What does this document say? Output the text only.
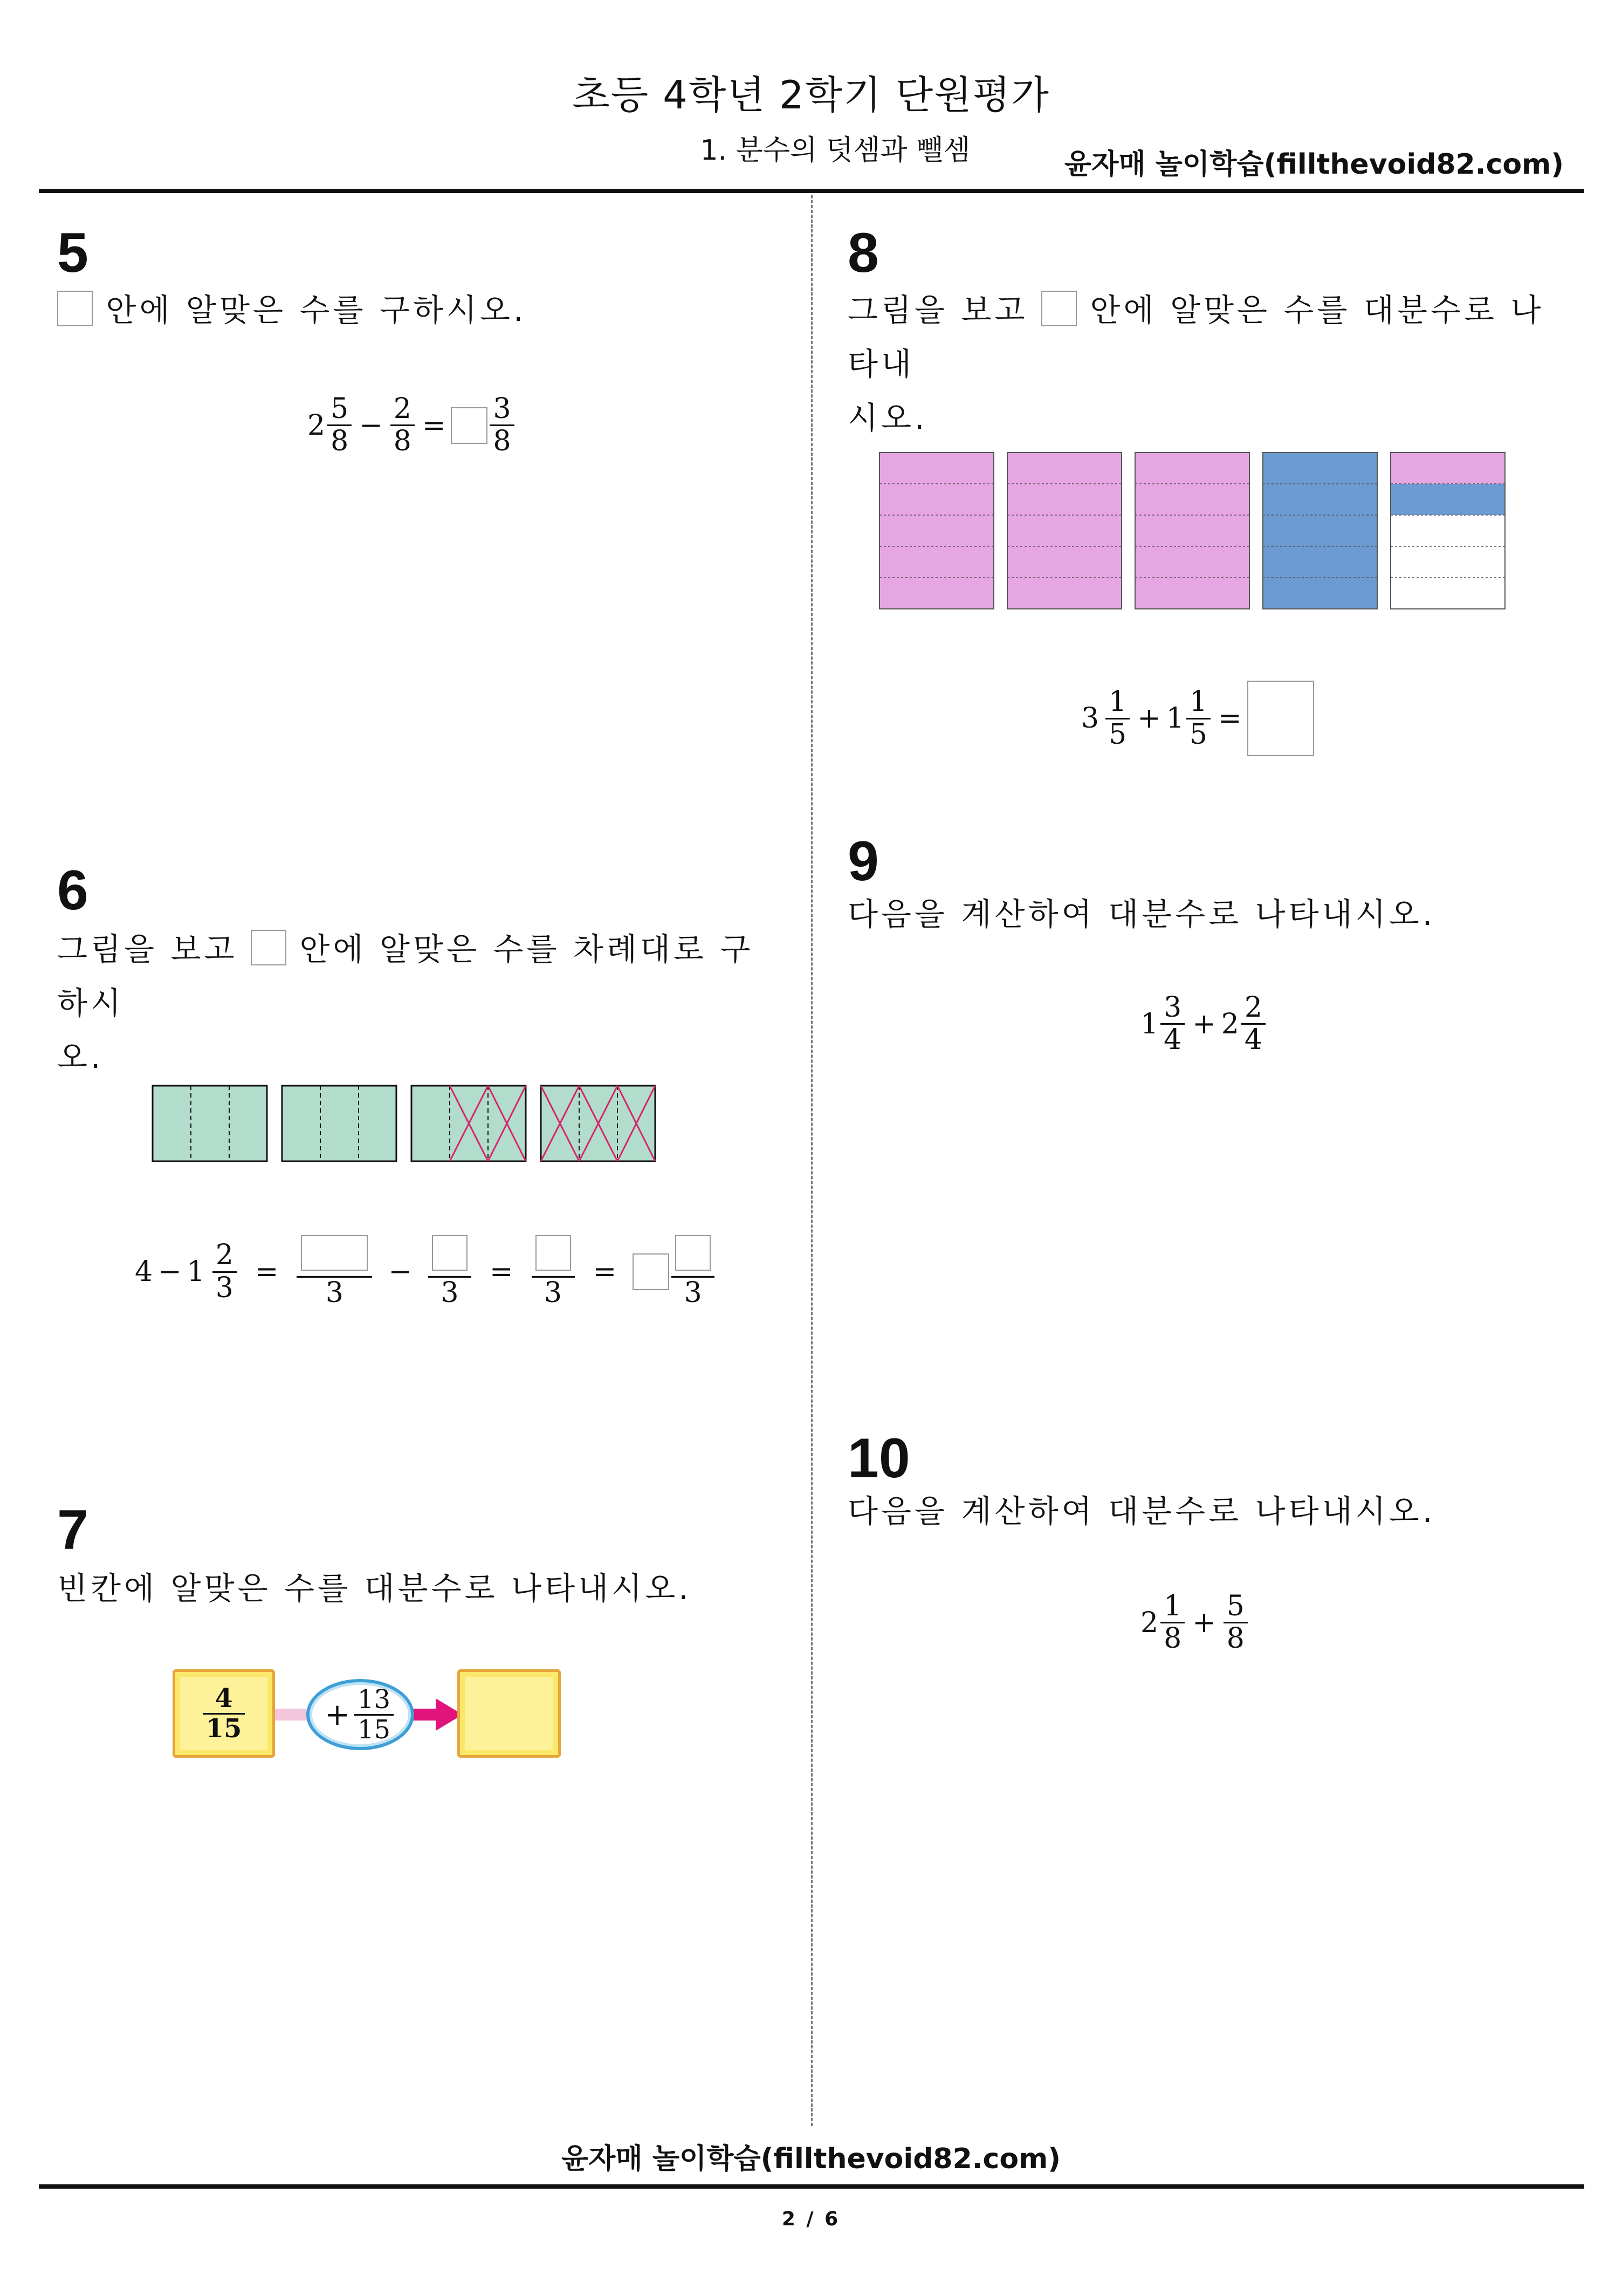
초등 4학년 2학기 단원평가
1. 분수의 덧셈과 뺄셈	윤자매 놀이학습(fillthevoid82.com)
5
안에 알맞은 수를 구하시오.
$2 \frac{5}{8} - \frac{2}{8} = \frac{3}{8}$
6
그림을 보고 안에 알맞은 수를 차례대로 구하시
오.
$4 - 1 \frac{2}{3}$ =
3
−
3
=
3
=
3
7
빈칸에 알맞은 수를 대분수로 나타내시오.
$\frac{4}{15}$	+ $\frac{13}{15}$
8
그림을 보고 안에 알맞은 수를 대분수로 나타내
시오.
$3 \frac{1}{5} + 1 \frac{1}{5}$ =
9
다음을 계산하여 대분수로 나타내시오.
$1 \frac{3}{4} + 2 \frac{2}{4}$
10
다음을 계산하여 대분수로 나타내시오.
$2 \frac{1}{8} + \frac{5}{8}$
윤자매 놀이학습(fillthevoid82.com)
2 / 6
